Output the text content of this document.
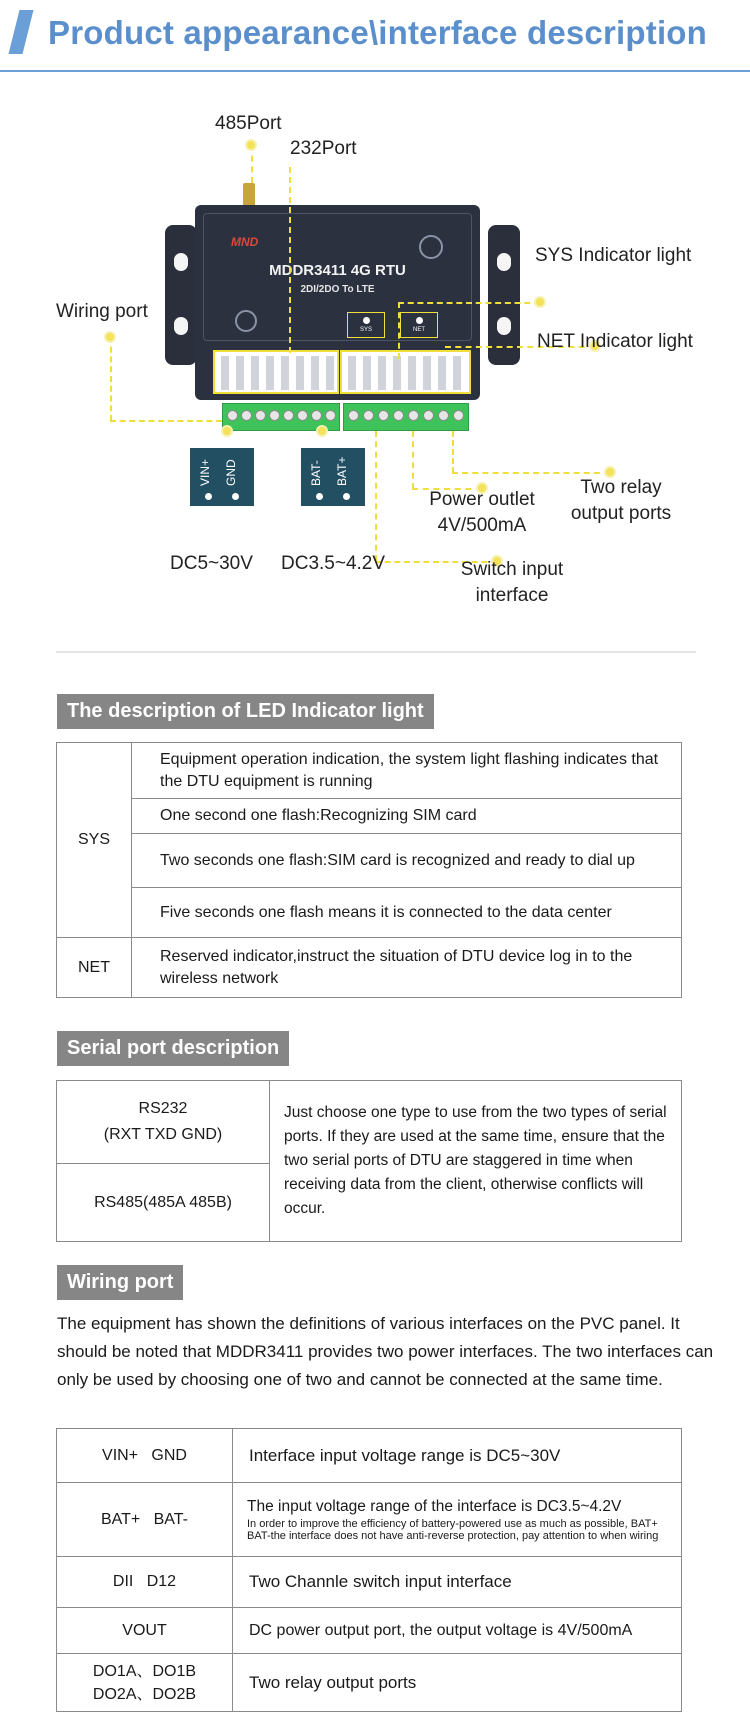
Product appearance\interface description
MND
MDDR3411 4G RTU
2DI/2DO To LTE
SYS	NET
485Port
232Port
SYS Indicator light
NET Indicator light
Wiring port
Power outlet
4V/500mA
Two relay
output ports
Switch input
interface
DC5~30V DC3.5~4.2V
VIN+	GND	BAT-	BAT+
The description of LED Indicator light
SYS	Equipment operation indication, the system light flashing indicates that the DTU equipment is running
	One second one flash:Recognizing SIM card
	Two seconds one flash:SIM card is recognized and ready to dial up
	Five seconds one flash means it is connected to the data center
NET	Reserved indicator,instruct the situation of DTU device log in to the wireless network
Serial port description
RS232
(RXT TXD GND)	Just choose one type to use from the two types of serial ports. If they are used at the same time, ensure that the two serial ports of DTU are staggered in time when receiving data from the client, otherwise conflicts will occur.
RS485(485A 485B)
Wiring port
The equipment has shown the definitions of various interfaces on the PVC panel. It should be noted that MDDR3411 provides two power interfaces. The two interfaces can only be used by choosing one of two and cannot be connected at the same time.
VIN+   GND	Interface input voltage range is DC5~30V
BAT+   BAT-	The input voltage range of the interface is DC3.5~4.2V
In order to improve the efficiency of battery-powered use as much as possible, BAT+ BAT-the interface does not have anti-reverse protection, pay attention to when wiring

DII   D12	Two Channle switch input interface
VOUT	DC power output port, the output voltage is 4V/500mA
DO1A、DO1B
DO2A、DO2B	Two relay output ports
